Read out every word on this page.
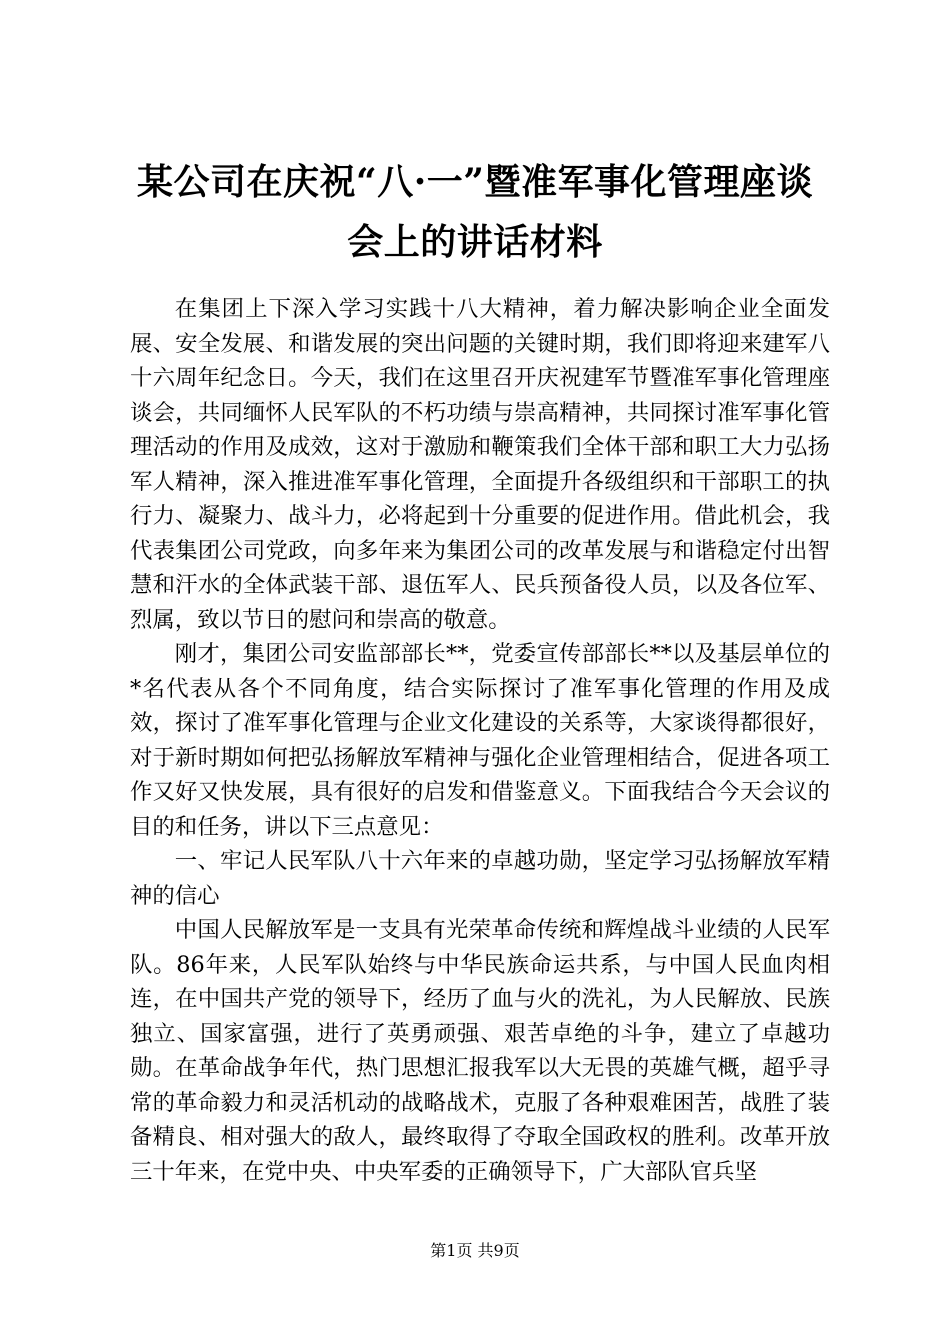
某公司在庆祝“八·一”暨准军事化管理座谈
会上的讲话材料

在集团上下深入学习实践十八大精神，着力解决影响企业全面发展、安全发展、和谐发展的突出问题的关键时期，我们即将迎来建军八十六周年纪念日。今天，我们在这里召开庆祝建军节暨准军事化管理座谈会，共同缅怀人民军队的不朽功绩与崇高精神，共同探讨准军事化管理活动的作用及成效，这对于激励和鞭策我们全体干部和职工大力弘扬军人精神，深入推进准军事化管理，全面提升各级组织和干部职工的执行力、凝聚力、战斗力，必将起到十分重要的促进作用。借此机会，我代表集团公司党政，向多年来为集团公司的改革发展与和谐稳定付出智慧和汗水的全体武装干部、退伍军人、民兵预备役人员，以及各位军、烈属，致以节日的慰问和崇高的敬意。

刚才，集团公司安监部部长**，党委宣传部部长**以及基层单位的*名代表从各个不同角度，结合实际探讨了准军事化管理的作用及成效，探讨了准军事化管理与企业文化建设的关系等，大家谈得都很好，对于新时期如何把弘扬解放军精神与强化企业管理相结合，促进各项工作又好又快发展，具有很好的启发和借鉴意义。下面我结合今天会议的目的和任务，讲以下三点意见：

一、牢记人民军队八十六年来的卓越功勋，坚定学习弘扬解放军精神的信心

中国人民解放军是一支具有光荣革命传统和辉煌战斗业绩的人民军队。86年来，人民军队始终与中华民族命运共系，与中国人民血肉相连，在中国共产党的领导下，经历了血与火的洗礼，为人民解放、民族独立、国家富强，进行了英勇顽强、艰苦卓绝的斗争，建立了卓越功勋。在革命战争年代，热门思想汇报我军以大无畏的英雄气概，超乎寻常的革命毅力和灵活机动的战略战术，克服了各种艰难困苦，战胜了装备精良、相对强大的敌人，最终取得了夺取全国政权的胜利。改革开放三十年来，在党中央、中央军委的正确领导下，广大部队官兵坚

第1页 共9页
